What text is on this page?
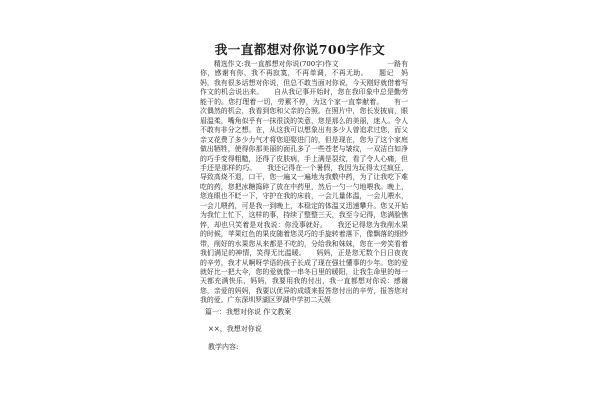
我一直都想对你说700字作文

精选作文:我一直都想对你说(700字)作文　　　　　　　一路有你，感谢有你，我不再寂寞，不再单调，不再无助。　　题记　妈妈，我有很多话想对你说，但总不敢当面对你说，今天刚好就借着写作文的机会说出来。　　自从我记事开始时，您在我印象中总是勤劳能干的。您打理着一切，劳累不停，为这个家一直奉献着。　　有一次偶然的机会，我看到您和父亲的合照。在照片中，您长发披肩，眼眉温柔，嘴角似乎有一抹很淡的笑意，您是那么的美丽，迷人。令人不敢有非分之想。在，从这我可以想象出有多少人曾追求过您，而父亲又花费了多少力气才将您迎娶进门的，但是现在，您为了这个家庭做出牺牲，使得你那美丽的面孔多了一些苍老与皱纹，一双洁白如净的巧手变得粗糙，还得了皮肤病，手上满是裂纹，看了令人心痛，但手还是那样的巧。　　我还记得在一个暑假，我因为玩得太过疯狂，导致高烧不退，口干，您一遍又一遍地为我敷中药，为了让我吃下难吃的药，您把冰糖捣碎了放在中药里，然后一勺一勺地喂我。晚上，您连眼也不眨一下，守护在我的床前，一会儿量体温，一会儿喂水，一会儿喂药，可是我一到晚上，本稳定的体温又迅速攀升。您又开始为我忙上忙下，这样的事，持续了整整三天，我至今记得，您满脸憔悴，却也只笑着是对我说：你没事就好。　　我还记得您为我削水果的时候，苹果红色的果皮随着您灵巧的手旋转着落下，像飘落的细纱带，削好的水果您从来都是不吃的，分给我和妹妹，您在一旁笑看着我们满足的神情，笑得无比温暖。　　妈妈，正是您无数个日日夜夜的辛劳，我才从啊呀学语的孩子长成了现在强壮懂事的少年。您的爱就好比一把大伞，您的爱就像一串冬日里的暖阳，让我生命里的每一天都充满快乐，妈妈，我要用我的付出，我一直都想对你说：感谢您，亲爱的妈妈，我要以优异的成绩来报答您付出的辛劳，报答您对我的爱。广东深圳罗湖区罗湖中学初二天娱

篇一：我想对你说 作文教案
××，我想对你说
教学内容:
